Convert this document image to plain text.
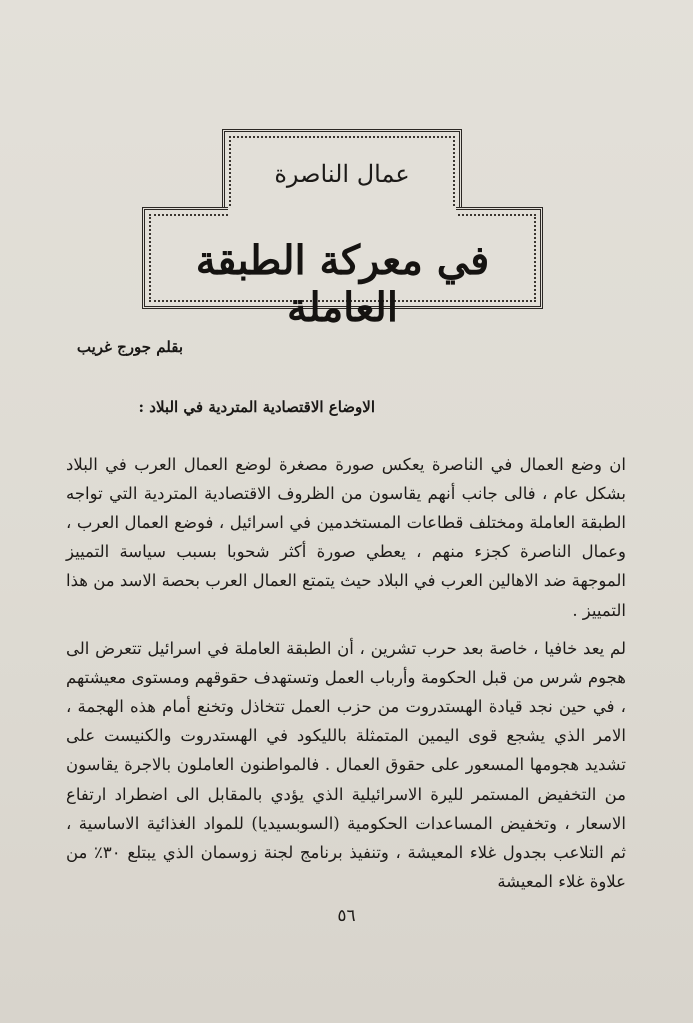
عمال الناصرة
في معركة الطبقة العاملة
بقلم جورج غريب
الاوضاع الاقتصادية المتردية في البلاد :

ان وضع العمال في الناصرة يعكس صورة مصغرة لوضع العمال العرب في البلاد بشكل عام ، فالى جانب أنهم يقاسون من الظروف الاقتصادية المتردية التي تواجه الطبقة العاملة ومختلف قطاعات المستخدمين في اسرائيل ، فوضع العمال العرب ، وعمال الناصرة كجزء منهم ، يعطي صورة أكثر شحوبا بسبب سياسة التمييز الموجهة ضد الاهالين العرب في البلاد حيث يتمتع العمال العرب بحصة الاسد من هذا التمييز .

لم يعد خافيا ، خاصة بعد حرب تشرين ، أن الطبقة العاملة في اسرائيل تتعرض الى هجوم شرس من قبل الحكومة وأرباب العمل وتستهدف حقوقهم ومستوى معيشتهم ، في حين نجد قيادة الهستدروت من حزب العمل تتخاذل وتخنع أمام هذه الهجمة ، الامر الذي يشجع قوى اليمين المتمثلة بالليكود في الهستدروت والكنيست على تشديد هجومها المسعور على حقوق العمال . فالمواطنون العاملون بالاجرة يقاسون من التخفيض المستمر لليرة الاسرائيلية الذي يؤدي بالمقابل الى اضطراد ارتفاع الاسعار ، وتخفيض المساعدات الحكومية (السوبسيديا) للمواد الغذائية الاساسية ، ثم التلاعب بجدول غلاء المعيشة ، وتنفيذ برنامج لجنة زوسمان الذي يبتلع ٣٠٪ من علاوة غلاء المعيشة

٥٦
